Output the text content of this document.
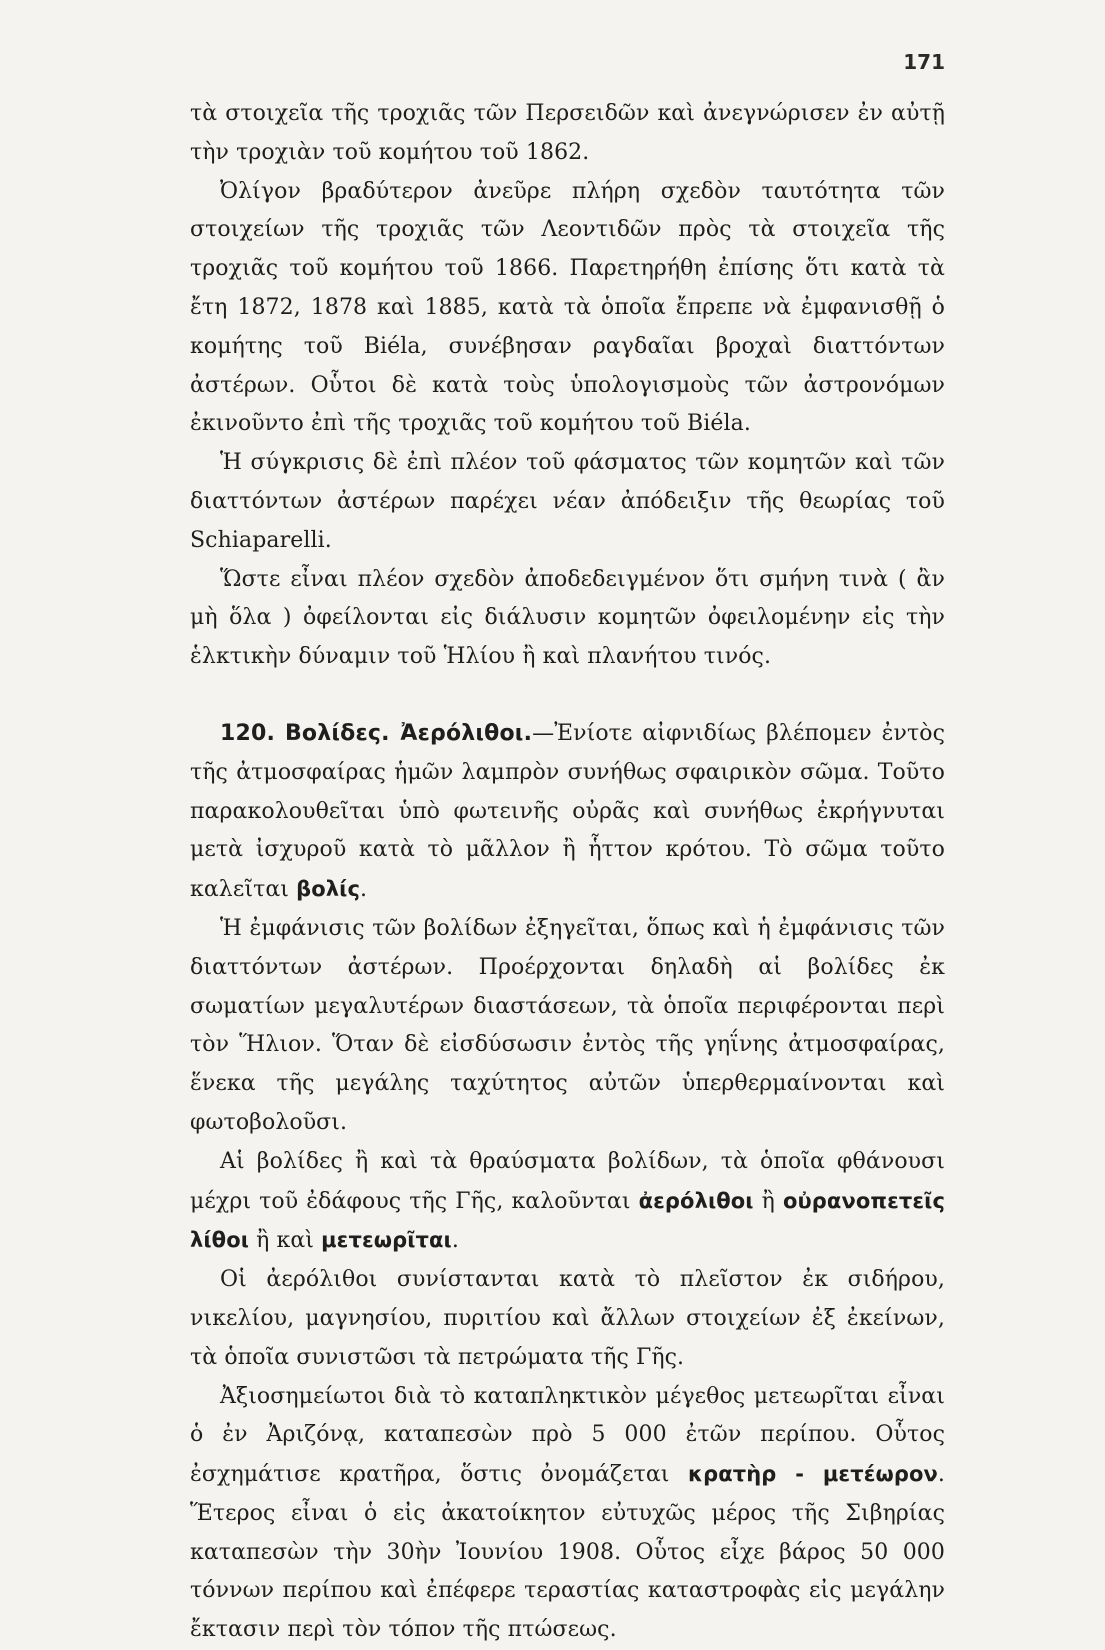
171

τὰ στοιχεῖα τῆς τροχιᾶς τῶν Περσειδῶν καὶ ἀνεγνώρισεν ἐν αὐτῇ τὴν τροχιὰν τοῦ κομήτου τοῦ 1862.

Ὀλίγον βραδύτερον ἀνεῦρε πλήρη σχεδὸν ταυτότητα τῶν στοιχείων τῆς τροχιᾶς τῶν Λεοντιδῶν πρὸς τὰ στοιχεῖα τῆς τροχιᾶς τοῦ κομήτου τοῦ 1866. Παρετηρήθη ἐπίσης ὅτι κατὰ τὰ ἔτη 1872, 1878 καὶ 1885, κατὰ τὰ ὁποῖα ἔπρεπε νὰ ἐμφανισθῇ ὁ κομήτης τοῦ Biéla, συνέβησαν ραγδαῖαι βροχαὶ διαττόντων ἀστέρων. Οὗτοι δὲ κατὰ τοὺς ὑπολογισμοὺς τῶν ἀστρονόμων ἐκινοῦντο ἐπὶ τῆς τροχιᾶς τοῦ κομήτου τοῦ Biéla.

Ἡ σύγκρισις δὲ ἐπὶ πλέον τοῦ φάσματος τῶν κομητῶν καὶ τῶν διαττόντων ἀστέρων παρέχει νέαν ἀπόδειξιν τῆς θεωρίας τοῦ Schiaparelli.

Ὥστε εἶναι πλέον σχεδὸν ἀποδεδειγμένον ὅτι σμήνη τινὰ ( ἂν μὴ ὅλα ) ὀφείλονται εἰς διάλυσιν κομητῶν ὀφειλομένην εἰς τὴν ἑλκτικὴν δύναμιν τοῦ Ἡλίου ἢ καὶ πλανήτου τινός.

120. Βολίδες. Ἀερόλιθοι.—Ἐνίοτε αἰφνιδίως βλέπομεν ἐντὸς τῆς ἀτμοσφαίρας ἡμῶν λαμπρὸν συνήθως σφαιρικὸν σῶμα. Τοῦτο παρακολουθεῖται ὑπὸ φωτεινῆς οὐρᾶς καὶ συνήθως ἐκρήγνυται μετὰ ἰσχυροῦ κατὰ τὸ μᾶλλον ἢ ἧττον κρότου. Τὸ σῶμα τοῦτο καλεῖται βολίς.

Ἡ ἐμφάνισις τῶν βολίδων ἐξηγεῖται, ὅπως καὶ ἡ ἐμφάνισις τῶν διαττόντων ἀστέρων. Προέρχονται δηλαδὴ αἱ βολίδες ἐκ σωματίων μεγαλυτέρων διαστάσεων, τὰ ὁποῖα περιφέρονται περὶ τὸν Ἥλιον. Ὅταν δὲ εἰσδύσωσιν ἐντὸς τῆς γηΐνης ἀτμοσφαίρας, ἕνεκα τῆς μεγάλης ταχύτητος αὐτῶν ὑπερθερμαίνονται καὶ φωτοβολοῦσι.

Αἱ βολίδες ἢ καὶ τὰ θραύσματα βολίδων, τὰ ὁποῖα φθάνουσι μέχρι τοῦ ἐδάφους τῆς Γῆς, καλοῦνται ἀερόλιθοι ἢ οὐρανοπετεῖς λίθοι ἢ καὶ μετεωρῖται.

Οἱ ἀερόλιθοι συνίστανται κατὰ τὸ πλεῖστον ἐκ σιδήρου, νικελίου, μαγνησίου, πυριτίου καὶ ἄλλων στοιχείων ἐξ ἐκείνων, τὰ ὁποῖα συνιστῶσι τὰ πετρώματα τῆς Γῆς.

Ἀξιοσημείωτοι διὰ τὸ καταπληκτικὸν μέγεθος μετεωρῖται εἶναι ὁ ἐν Ἀριζόνᾳ, καταπεσὼν πρὸ 5 000 ἐτῶν περίπου. Οὗτος ἐσχημάτισε κρατῆρα, ὅστις ὀνομάζεται κρατὴρ - μετέωρον. Ἕτερος εἶναι ὁ εἰς ἀκατοίκητον εὐτυχῶς μέρος τῆς Σιβηρίας καταπεσὼν τὴν 30ὴν Ἰουνίου 1908. Οὗτος εἶχε βάρος 50 000 τόννων περίπου καὶ ἐπέφερε τεραστίας καταστροφὰς εἰς μεγάλην ἔκτασιν περὶ τὸν τόπον τῆς πτώσεως.
